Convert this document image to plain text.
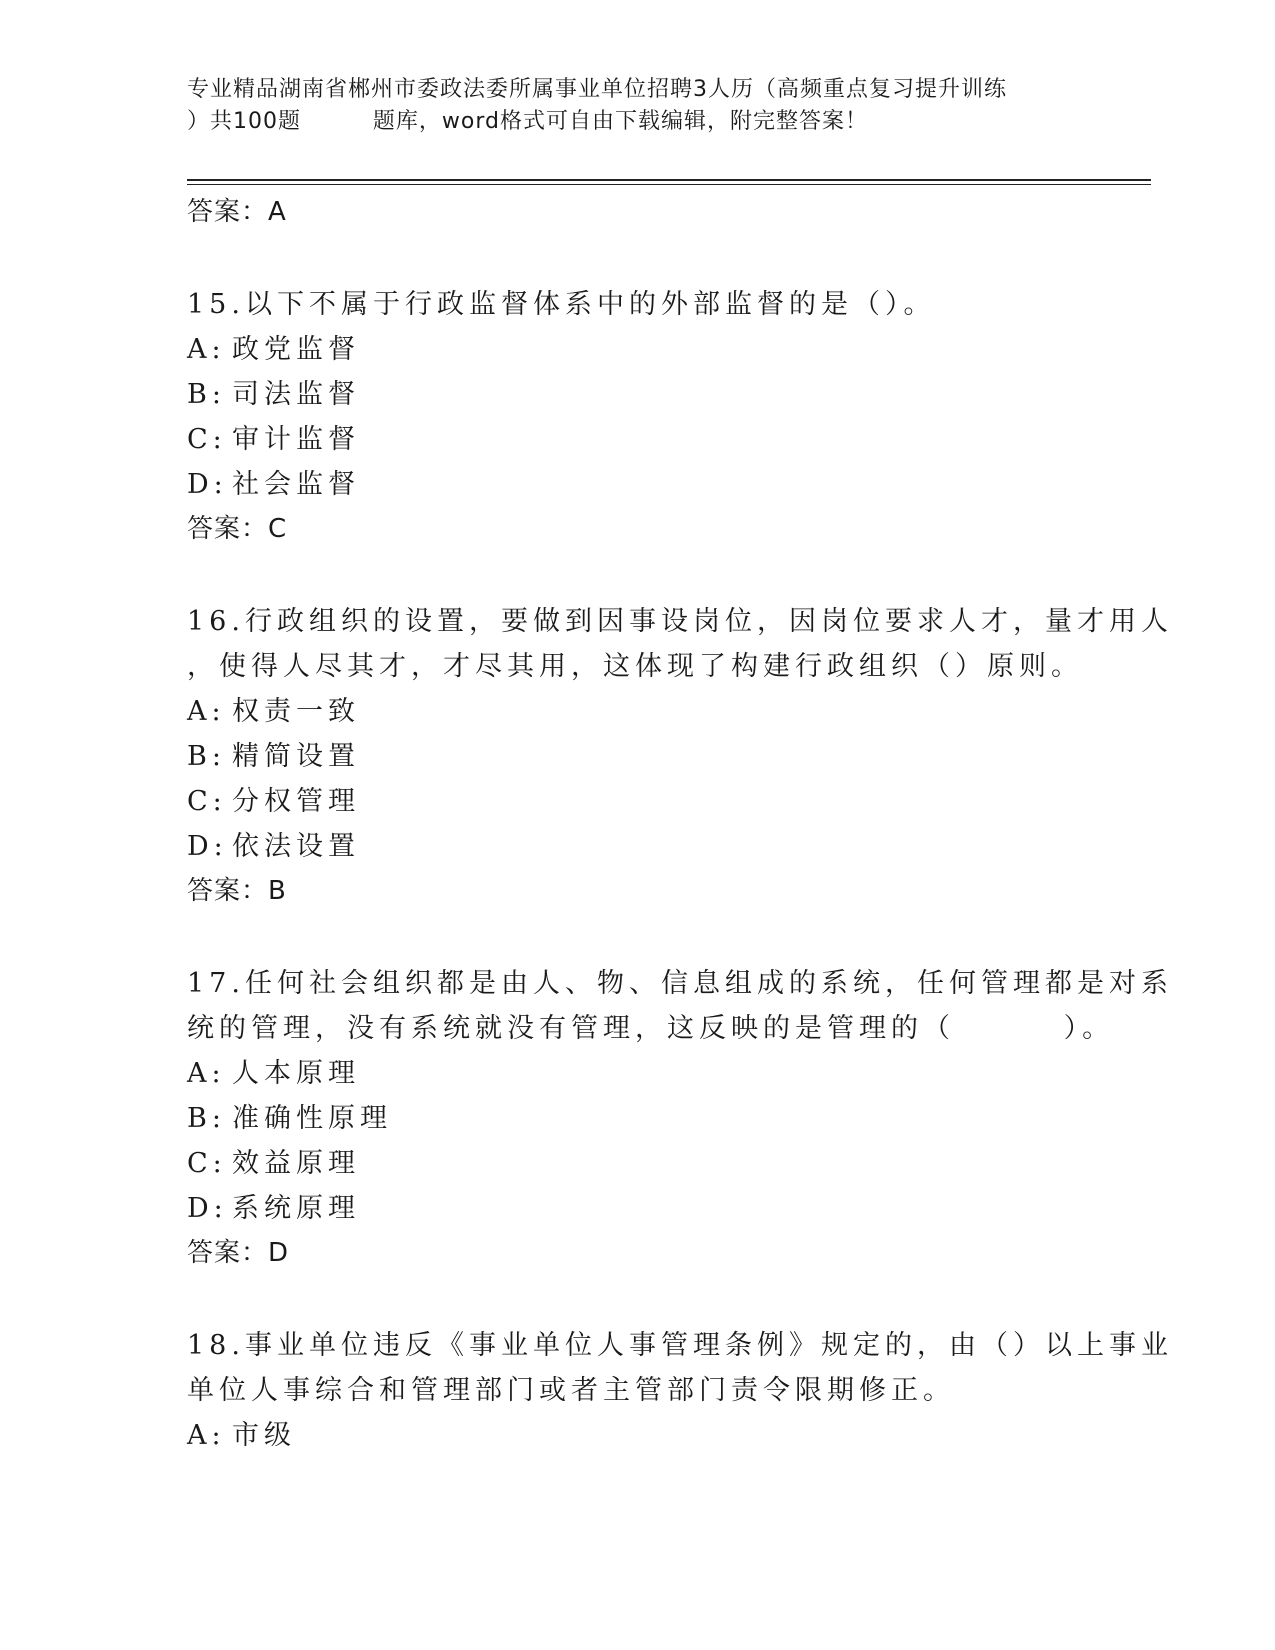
专业精品湖南省郴州市委政法委所属事业单位招聘3人历（高频重点复习提升训练
）共100题         题库，word格式可自由下载编辑，附完整答案！
答案：A
15.以下不属于行政监督体系中的外部监督的是（）。
A: 政党监督
B: 司法监督
C: 审计监督
D: 社会监督
答案：C
16.行政组织的设置，要做到因事设岗位，因岗位要求人才，量才用人
，使得人尽其才，才尽其用，这体现了构建行政组织（）原则。
A: 权责一致
B: 精简设置
C: 分权管理
D: 依法设置
答案：B
17.任何社会组织都是由人、物、信息组成的系统，任何管理都是对系
统的管理，没有系统就没有管理，这反映的是管理的（        ）。
A: 人本原理
B: 准确性原理
C: 效益原理
D: 系统原理
答案：D
18.事业单位违反《事业单位人事管理条例》规定的，由（）以上事业
单位人事综合和管理部门或者主管部门责令限期修正。
A: 市级
